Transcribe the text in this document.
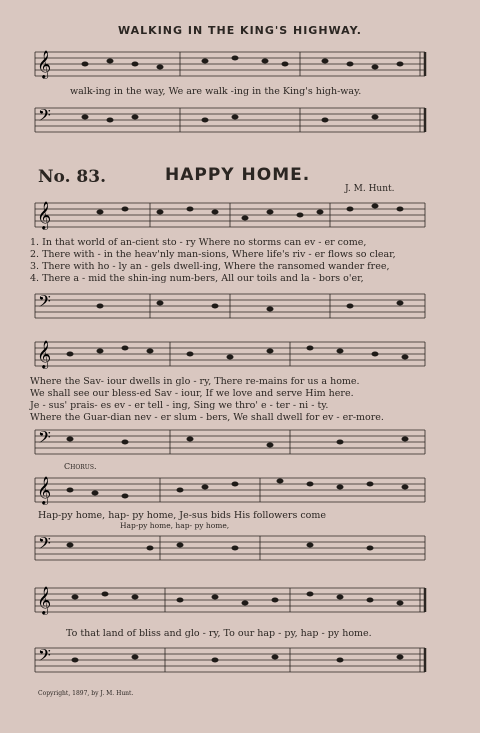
WALKING IN THE KING'S HIGHWAY.
𝄞
walk-ing in the way, We are walk -ing in the King's high-way.
𝄢
No. 83.	HAPPY HOME.
J. M. Hunt.
𝄞
1. In that world of an-cient sto - ry Where no storms can ev - er come,
2. There with - in the heav'nly man-sions, Where life's riv - er flows so clear,
3. There with ho - ly an - gels dwell-ing, Where the ransomed wander free,
4. There a - mid the shin-ing num-bers, All our toils and la - bors o'er,
𝄢
𝄞
Where the Sav- iour dwells in glo - ry, There re-mains for us a home.
We shall see our bless-ed Sav - iour, If we love and serve Him here.
Je - sus' prais- es ev - er tell - ing, Sing we thro' e - ter - ni - ty.
Where the Guar-dian nev - er slum - bers, We shall dwell for ev - er-more.
𝄢
Chorus.
𝄞
Hap-py home, hap- py home, Je-sus bids His followers come
Hap-py home, hap- py home,
𝄢
𝄞
To that land of bliss and glo - ry, To our hap - py, hap - py home.
𝄢
Copyright, 1897, by J. M. Hunt.
